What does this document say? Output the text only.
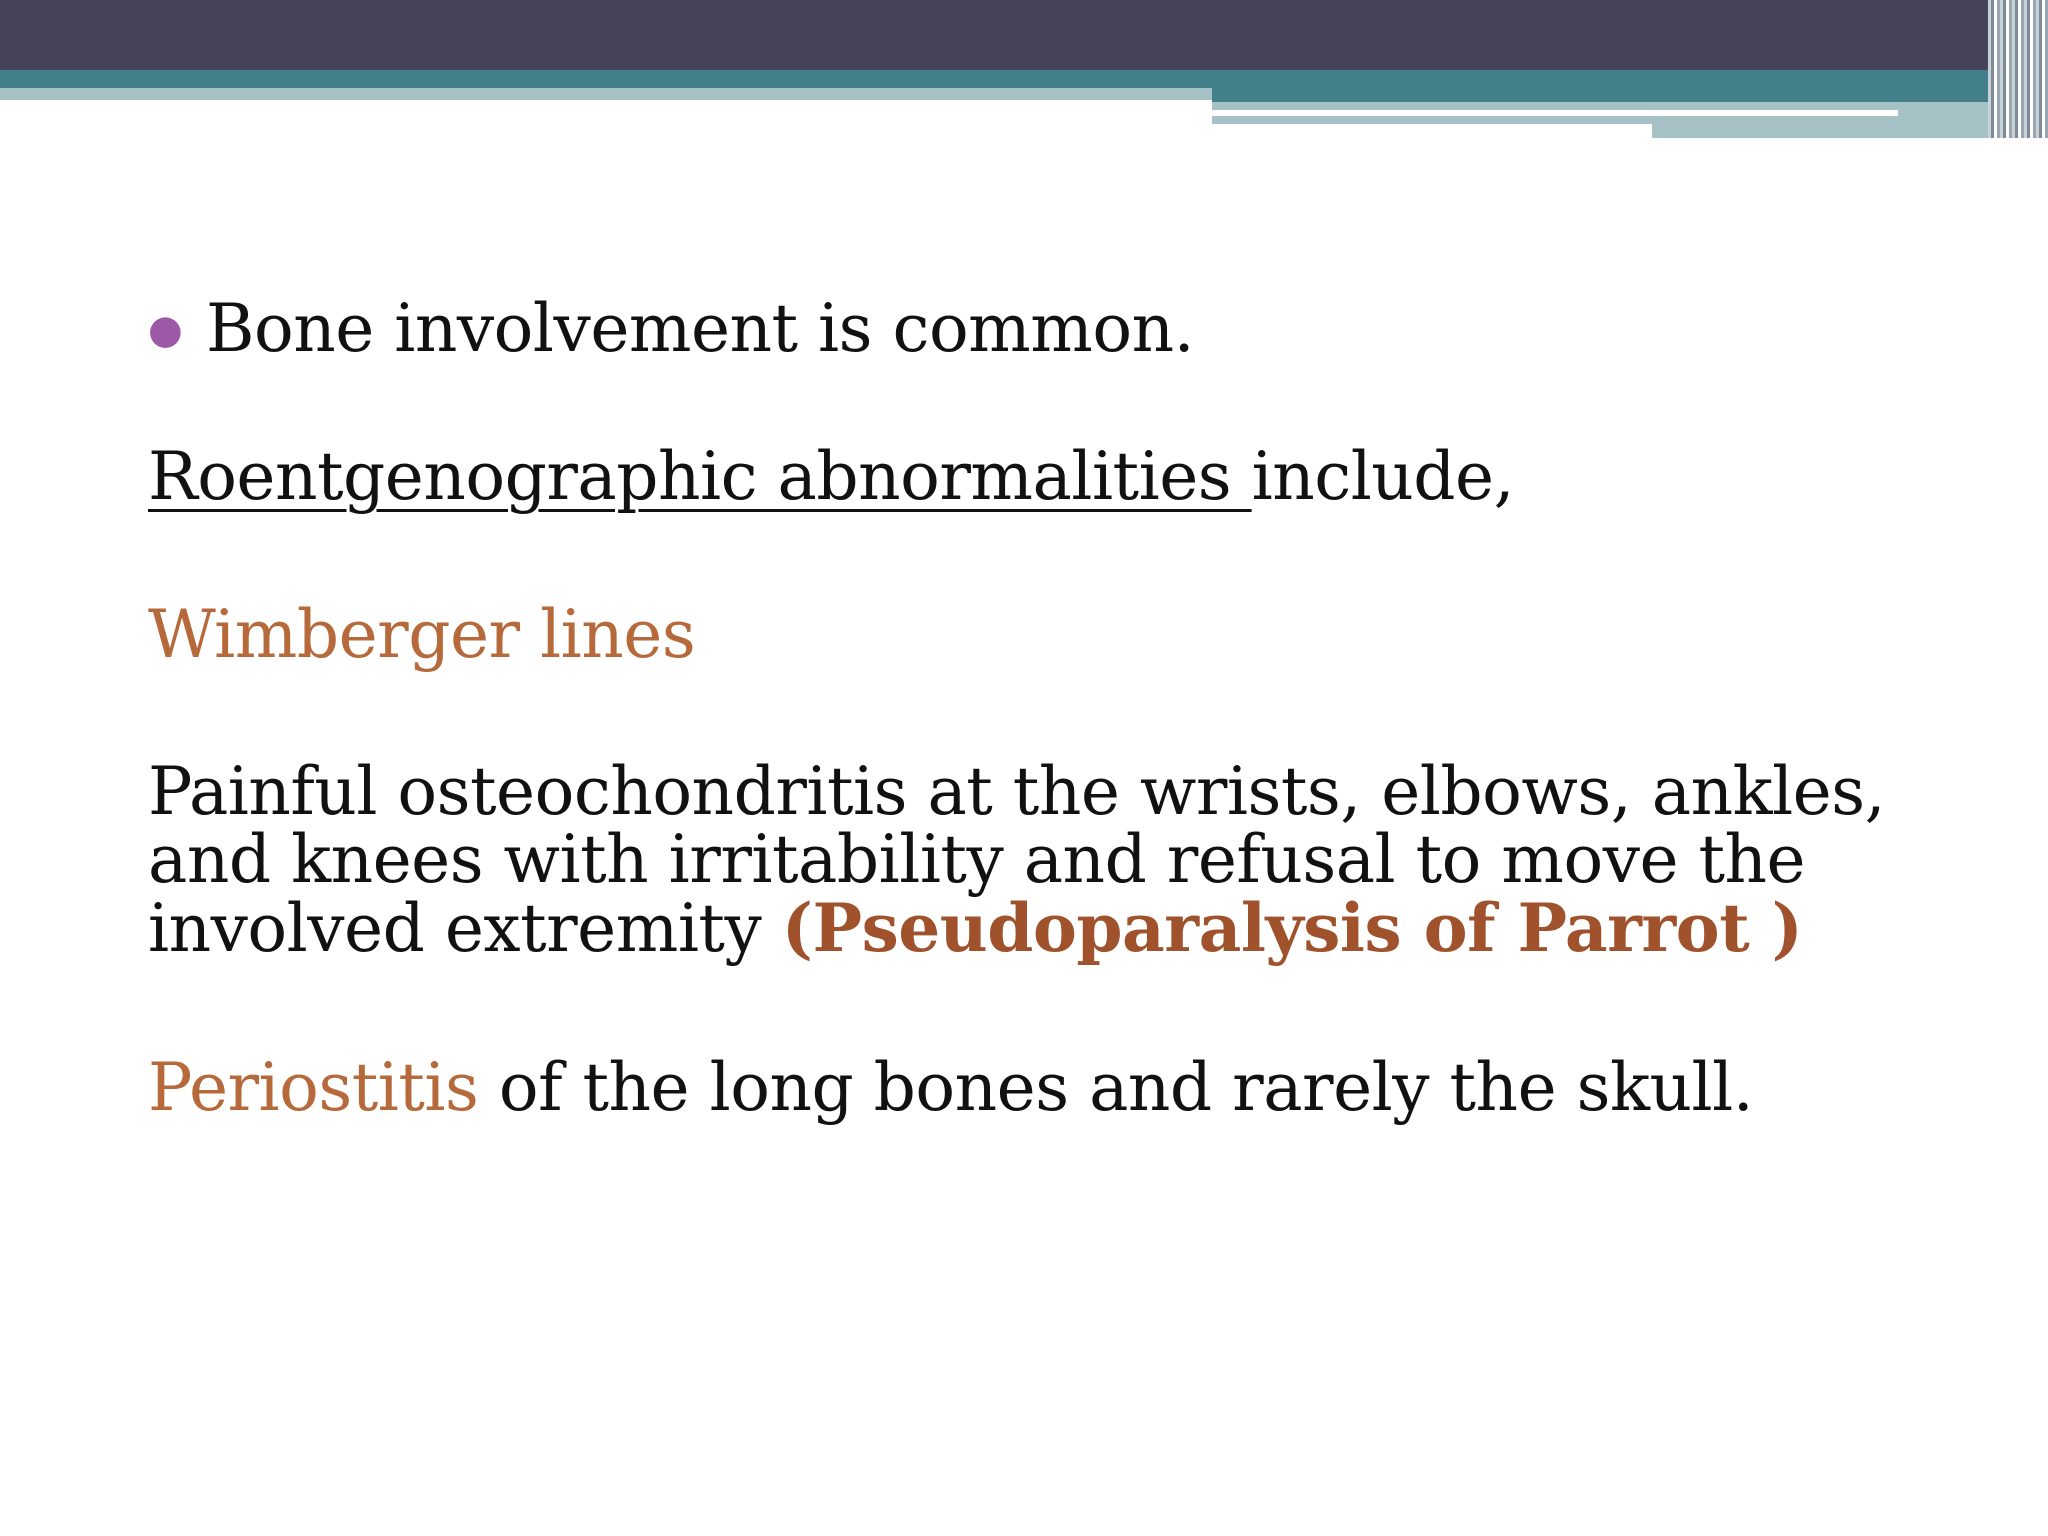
● Bone involvement is common.

Roentgenographic abnormalities include,

Wimberger lines

Painful osteochondritis at the wrists, elbows, ankles, and knees with irritability and refusal to move the involved extremity (Pseudoparalysis of Parrot )

Periostitis of the long bones and rarely the skull.
